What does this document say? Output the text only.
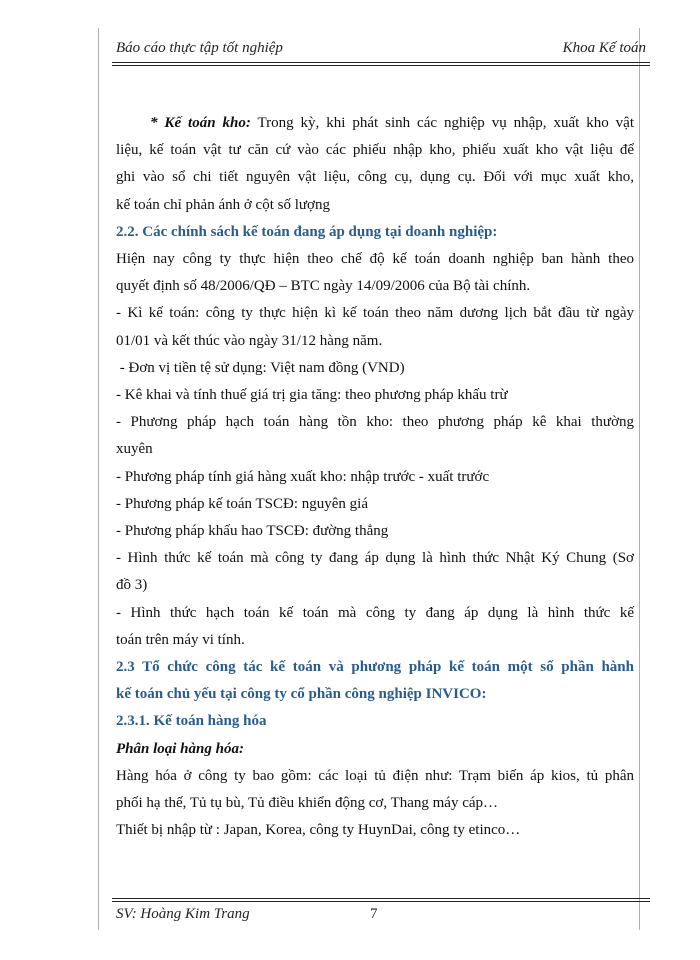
Báo cáo thực tập tốt nghiệp	Khoa Kế toán

* Kế toán kho: Trong kỳ, khi phát sinh các nghiệp vụ nhập, xuất kho vật

liệu, kế toán vật tư căn cứ vào các phiếu nhập kho, phiếu xuất kho vật liệu để

ghi vào sổ chi tiết nguyên vật liệu, công cụ, dụng cụ. Đối với mục xuất kho,

kế toán chỉ phản ánh ở cột số lượng

2.2. Các chính sách kế toán đang áp dụng tại doanh nghiệp:

Hiện nay công ty thực hiện theo chế độ kế toán doanh nghiệp ban hành theo

quyết định số 48/2006/QĐ – BTC ngày 14/09/2006 của Bộ tài chính.

- Kì kế toán: công ty thực hiện kì kế toán theo năm dương lịch bắt đầu từ ngày

01/01 và kết thúc vào ngày 31/12 hàng năm.

- Đơn vị tiền tệ sử dụng: Việt nam đồng (VND)

- Kê khai và tính thuế giá trị gia tăng: theo phương pháp khấu trừ

- Phương pháp hạch toán hàng tồn kho: theo phương pháp kê khai thường

xuyên

- Phương pháp tính giá hàng xuất kho: nhập trước - xuất trước

- Phương pháp kế toán TSCĐ: nguyên giá

- Phương pháp khấu hao TSCĐ: đường thẳng

- Hình thức kế toán mà công ty đang áp dụng là hình thức Nhật Ký Chung (Sơ

đồ 3)

- Hình thức hạch toán kế toán mà công ty đang áp dụng là hình thức kế

toán trên máy vi tính.

2.3 Tổ chức công tác kế toán và phương pháp kế toán một số phần hành

kế toán chủ yếu tại công ty cổ phần công nghiệp INVICO:

2.3.1. Kế toán hàng hóa

Phân loại hàng hóa:

Hàng hóa ở công ty bao gồm: các loại tủ điện như: Trạm biến áp kios, tủ phân

phối hạ thế, Tủ tụ bù, Tủ điều khiển động cơ, Thang máy cáp…

Thiết bị nhập từ : Japan, Korea, công ty HuynDai, công ty etinco…

SV: Hoàng Kim Trang	7
